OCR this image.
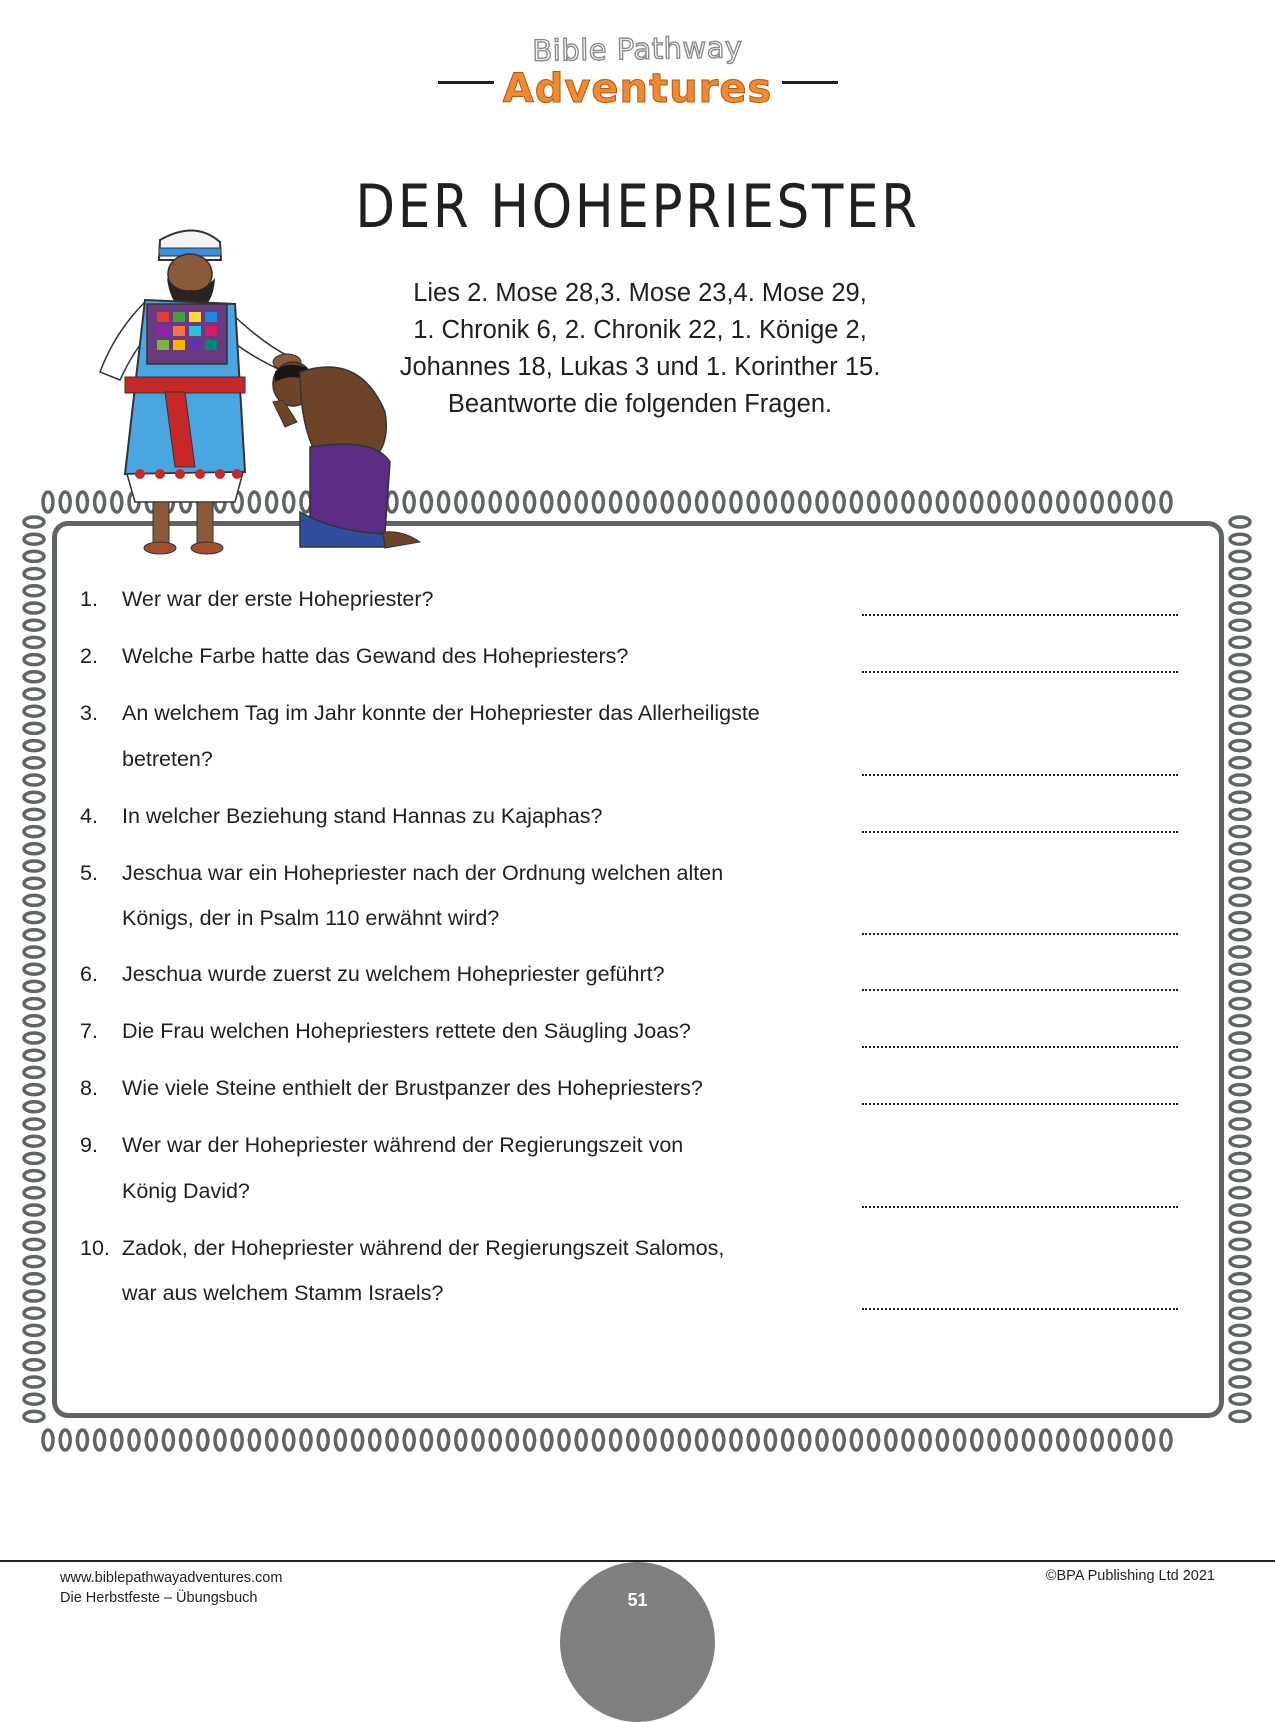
Bible Pathway
Adventures
DER HOHEPRIESTER
Lies 2. Mose 28,3. Mose 23,4. Mose 29,
1. Chronik 6, 2. Chronik 22, 1. Könige 2,
Johannes 18, Lukas 3 und 1. Korinther 15.
Beantworte die folgenden Fragen.
1. Wer war der erste Hohepriester?
2. Welche Farbe hatte das Gewand des Hohepriesters?
3. An welchem Tag im Jahr konnte der Hohepriester das Allerheiligste
betreten?
4. In welcher Beziehung stand Hannas zu Kajaphas?
5. Jeschua war ein Hohepriester nach der Ordnung welchen alten
Königs, der in Psalm 110 erwähnt wird?
6. Jeschua wurde zuerst zu welchem Hohepriester geführt?
7. Die Frau welchen Hohepriesters rettete den Säugling Joas?
8. Wie viele Steine enthielt der Brustpanzer des Hohepriesters?
9. Wer war der Hohepriester während der Regierungszeit von
König David?
10. Zadok, der Hohepriester während der Regierungszeit Salomos,
war aus welchem Stamm Israels?
www.biblepathwayadventures.com
Die Herbstfeste – Übungsbuch
©BPA Publishing Ltd 2021
51
